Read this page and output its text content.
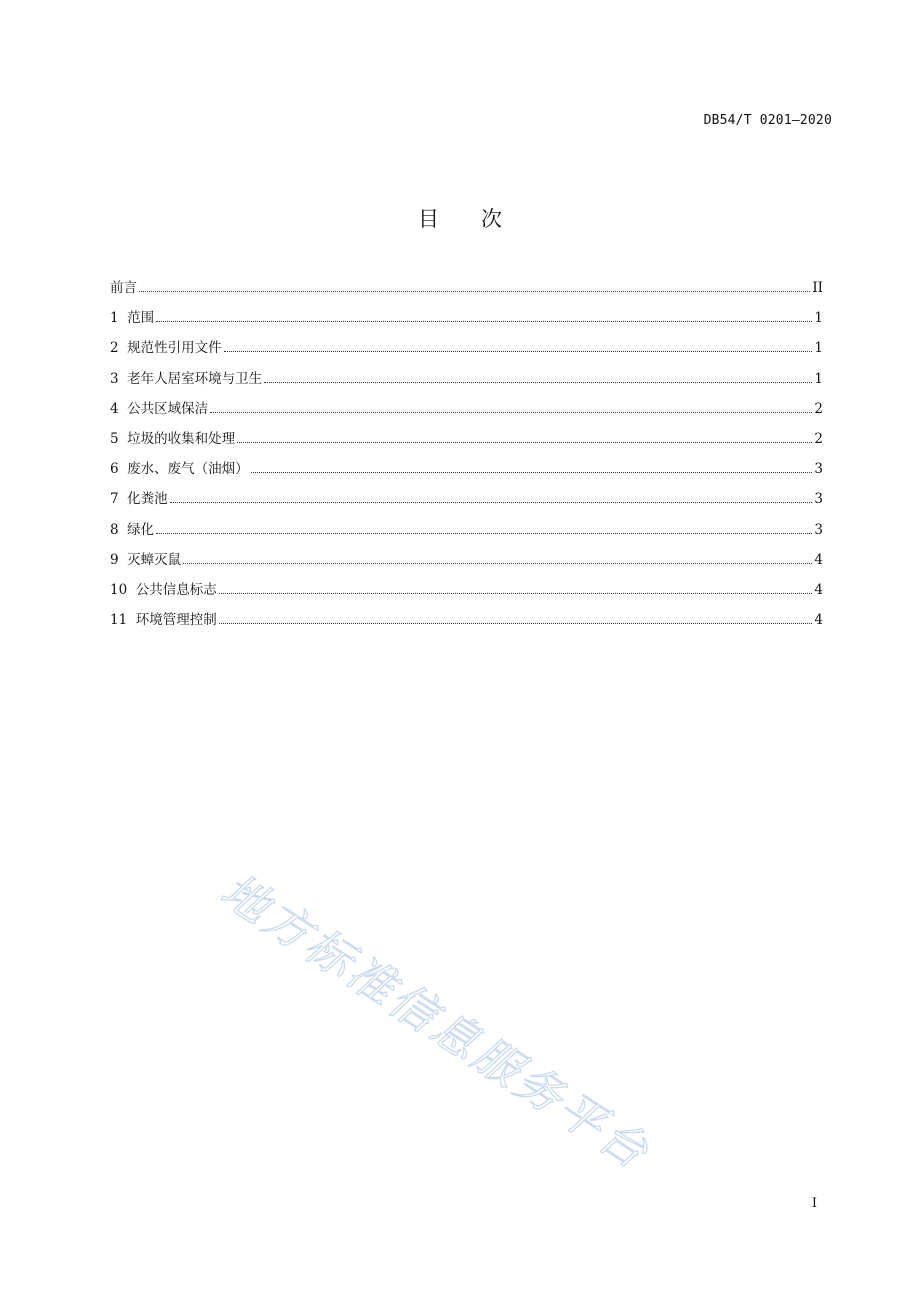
DB54/T 0201—2020
目 次
前言	II
1 范围	1
2 规范性引用文件	1
3 老年人居室环境与卫生	1
4 公共区域保洁	2
5 垃圾的收集和处理	2
6 废水、废气（油烟）	3
7 化粪池	3
8 绿化	3
9 灭蟑灭鼠	4
10 公共信息标志	4
11 环境管理控制	4
地方标准信息服务平台
I
